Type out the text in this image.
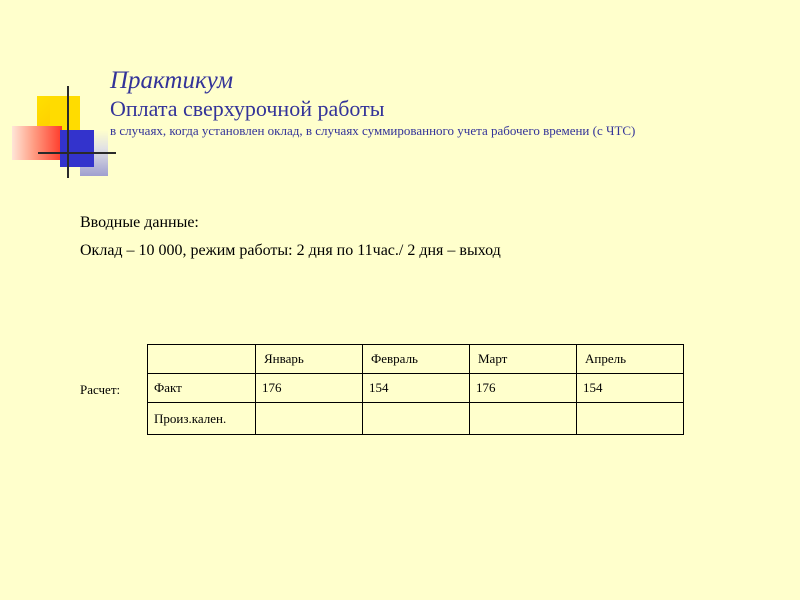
Практикум
Оплата сверхурочной работы
в случаях, когда установлен оклад, в случаях суммированного учета рабочего времени (с ЧТС)
Вводные данные:
Оклад – 10 000, режим работы: 2 дня по 11час./ 2 дня – выход
Расчет:
	Январь	Февраль	Март	Апрель
Факт	176	154	176	154
Произ.кален.				
